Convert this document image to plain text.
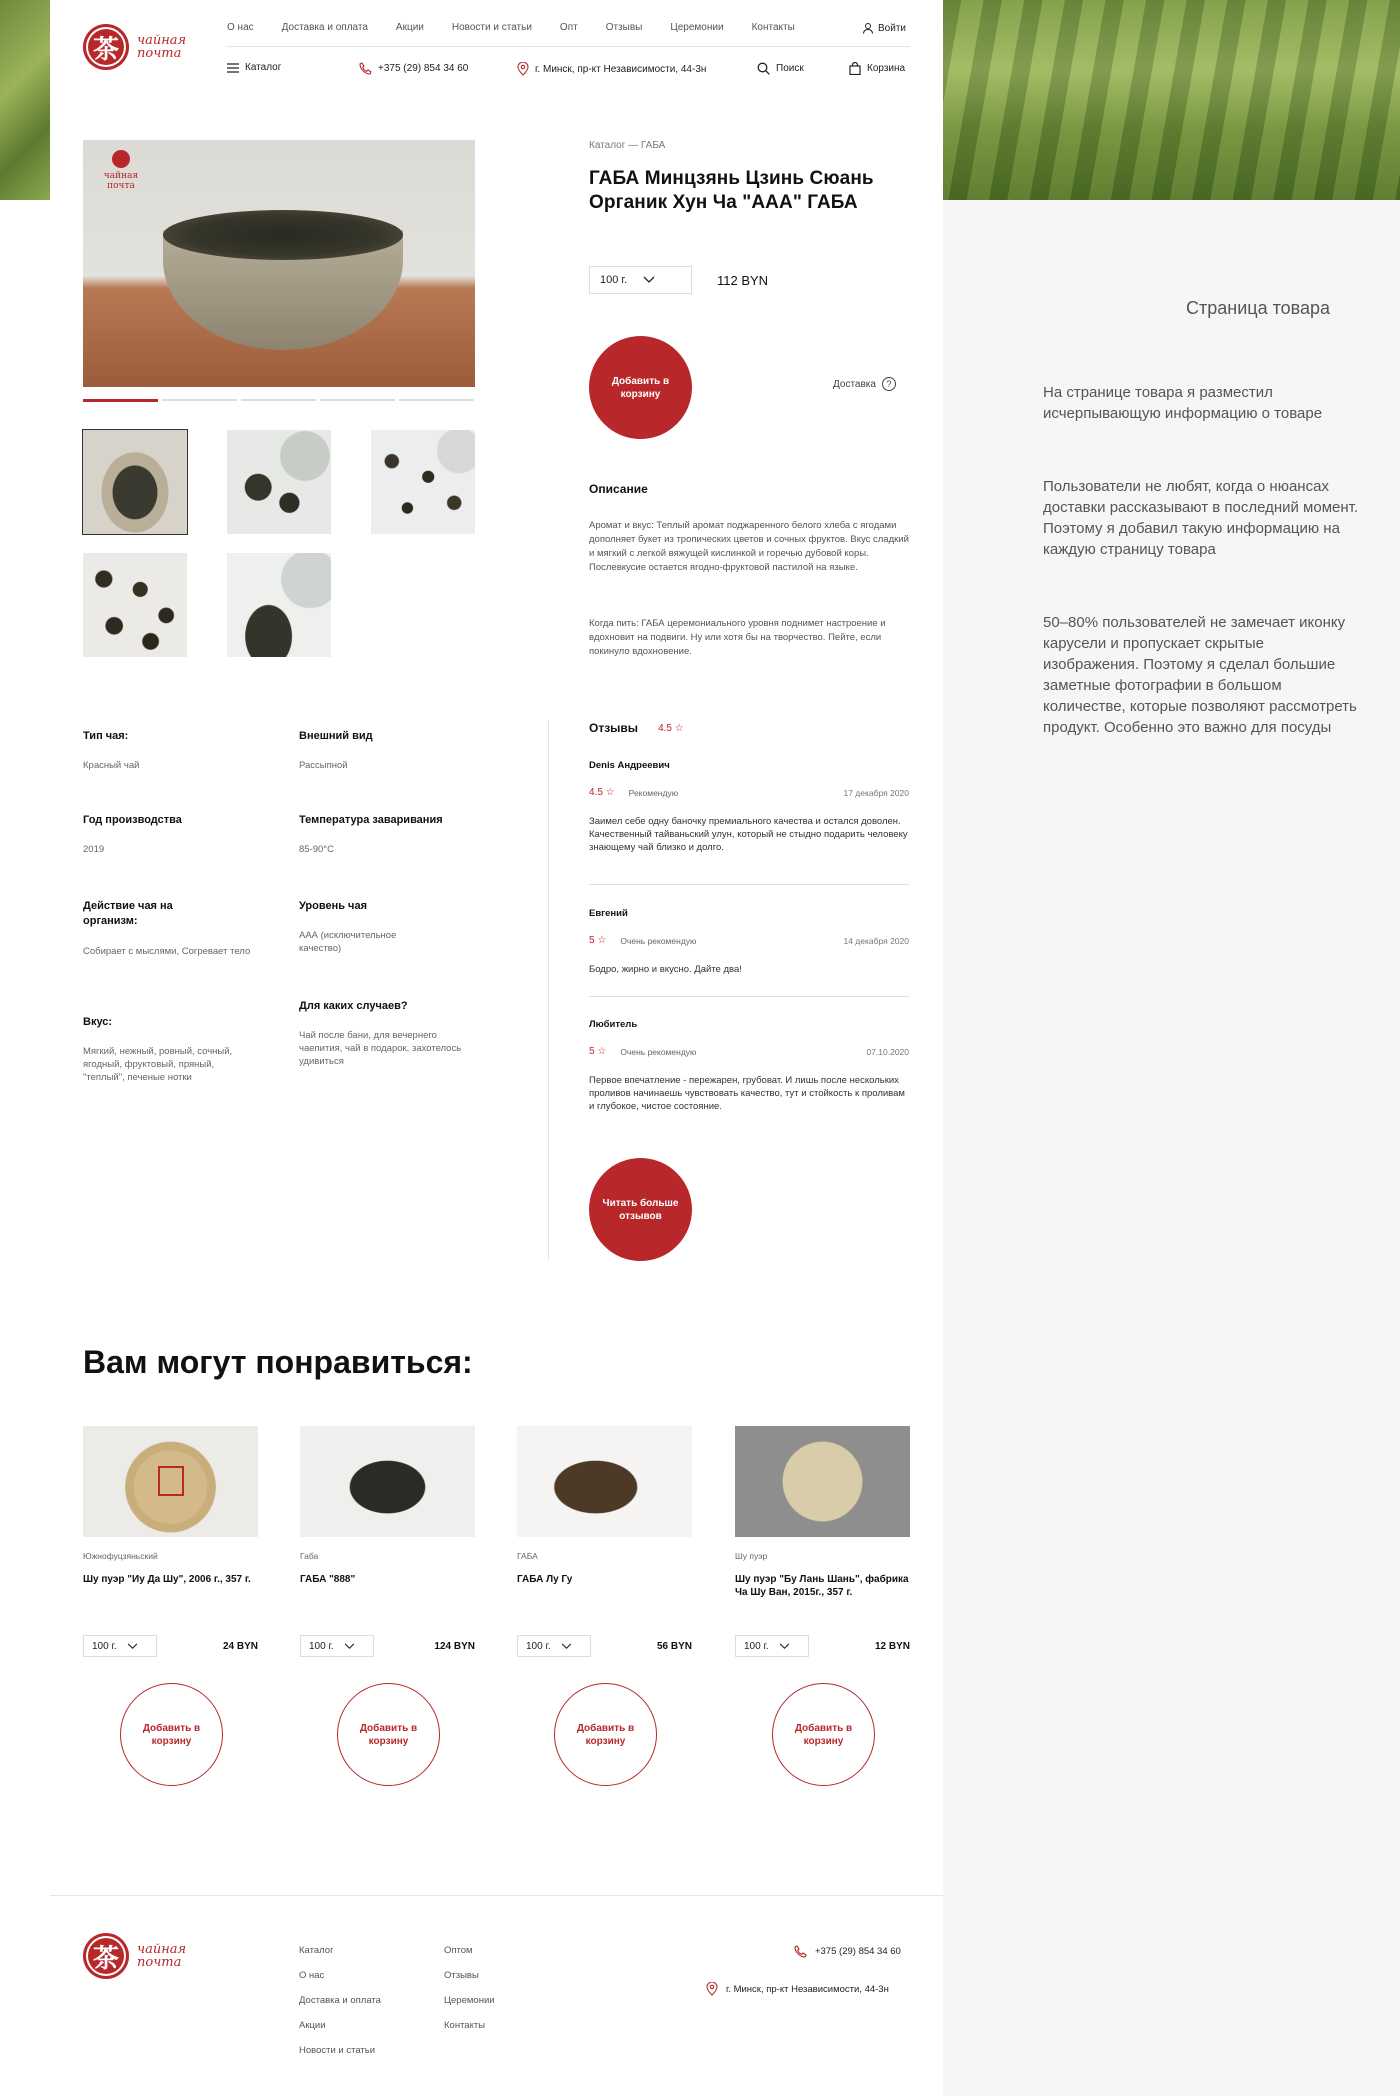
茶	чайная почта
О нас	Доставка и оплата	Акции	Новости и статьи	Опт	Отзывы	Церемонии	Контакты	Войти
Каталог	+375 (29) 854 34 60	г. Минск, пр-кт Независимости, 44-3н	Поиск	Корзина
чайная почта
Каталог — ГАБА
ГАБА Минцзянь Цзинь Сюань Органик Хун Ча "ААА" ГАБА
100 г.	112 BYN
Добавить в корзину
Доставка	?
Описание
Аромат и вкус: Теплый аромат поджаренного белого хлеба с ягодами дополняет букет из тропических цветов и сочных фруктов. Вкус сладкий и мягкий с легкой вяжущей кислинкой и горечью дубовой коры. Послевкусие остается ягодно-фруктовой пастилой на языке.
Когда пить: ГАБА церемониального уровня поднимет настроение и вдохновит на подвиги. Ну или хотя бы на творчество. Пейте, если покинуло вдохновение.
Тип чая:
Красный чай
Внешний вид
Рассыпной
Год производства
2019
Температура заваривания
85-90°С
Действие чая на организм:
Собирает с мыслями, Согревает тело
Уровень чая
ААА (исключительное качество)
Вкус:
Мягкий, нежный, ровный, сочный, ягодный, фруктовый, пряный, "теплый", печеные нотки
Для каких случаев?
Чай после бани, для вечернего чаепития, чай в подарок, захотелось удивиться
Отзывы 4.5 ☆
Denis Андреевич
4.5 ☆ Рекомендую	17 декабря 2020
Заимел себе одну баночку премиального качества и остался доволен. Качественный тайваньский улун, который не стыдно подарить человеку знающему чай близко и долго.
Евгений
5 ☆ Очень рекомендую	14 декабря 2020
Бодро, жирно и вкусно. Дайте два!
Любитель
5 ☆ Очень рекомендую	07.10.2020
Первое впечатление - пережарен, грубоват. И лишь после нескольких проливов начинаешь чувствовать качество, тут и стойкость к проливам и глубокое, чистое состояние.
Читать больше отзывов
Вам могут понравиться:
Южнофуцзяньский
Шу пуэр "Иу Да Шу", 2006 г., 357 г.
100 г.	24 BYN
Добавить в корзину
Габа
ГАБА "888"
100 г.	124 BYN
Добавить в корзину
ГАБА
ГАБА Лу Гу
100 г.	56 BYN
Добавить в корзину
Шу пуэр
Шу пуэр "Бу Лань Шань", фабрика Ча Шу Ван, 2015г., 357 г.
100 г.	12 BYN
Добавить в корзину
茶	чайная почта
Каталог
О нас
Доставка и оплата
Акции
Новости и статьи
Оптом
Отзывы
Церемонии
Контакты
+375 (29) 854 34 60
г. Минск, пр-кт Независимости, 44-3н
Страница товара
На странице товара я разместил исчерпывающую информацию о товаре
Пользователи не любят, когда о нюансах доставки рассказывают в последний момент. Поэтому я добавил такую информацию на каждую страницу товара
50–80% пользователей не замечает иконку карусели и пропускает скрытые изображения. Поэтому я сделал большие заметные фотографии в большом количестве, которые позволяют рассмотреть продукт. Особенно это важно для посуды
